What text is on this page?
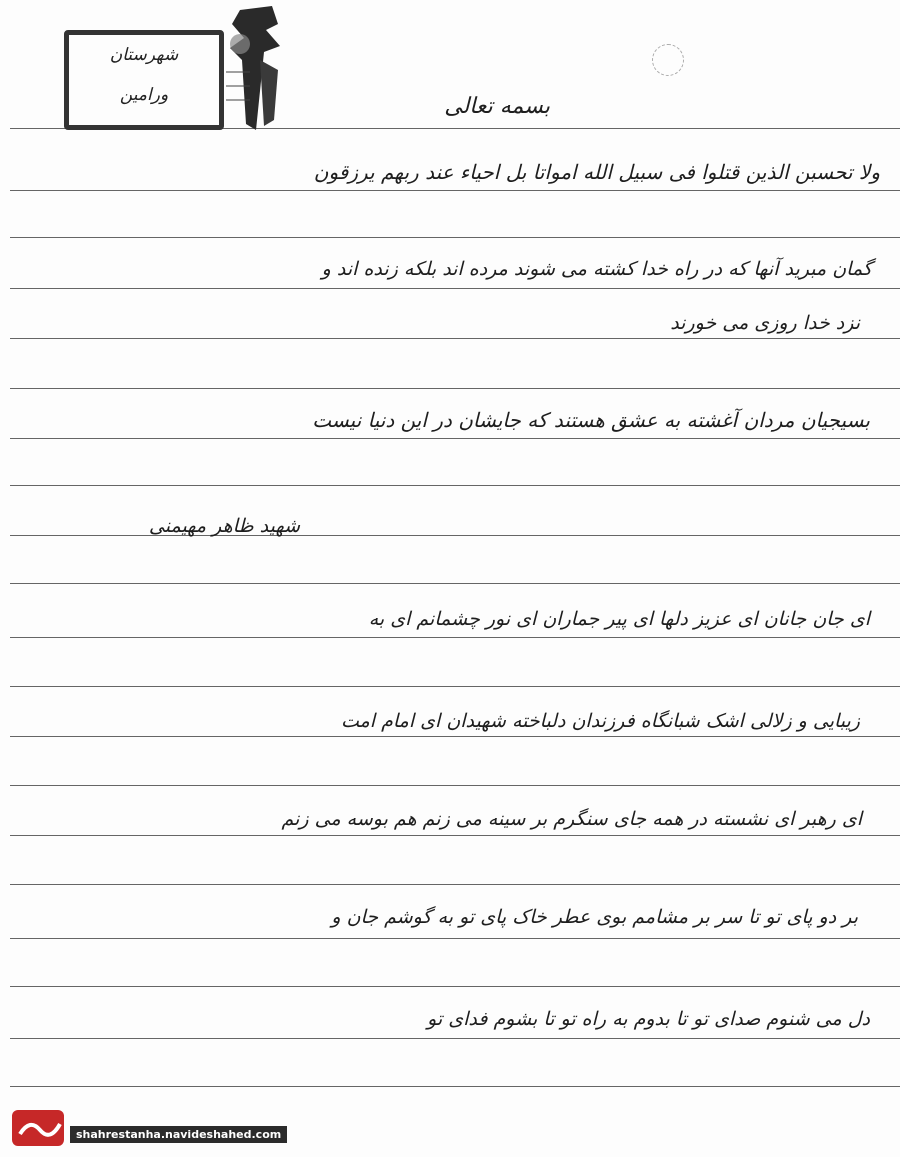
شهرستان
ورامین	بسمه تعالی
ولا تحسبن الذین قتلوا فی سبیل الله امواتا بل احیاء عند ربهم یرزقون
گمان مبرید آنها که در راه خدا کشته می شوند مرده اند بلکه زنده اند و
نزد خدا روزی می خورند
بسیجیان مردان آغشته به عشق هستند که جایشان در این دنیا نیست
شهید ظاهر مهیمنی
ای جان جانان ای عزیز دلها ای پیر جماران ای نور چشمانم ای به
زیبایی و زلالی اشک شبانگاه فرزندان دلباخته شهیدان ای امام امت
ای رهبر ای نشسته در همه جای سنگرم بر سینه می زنم هم بوسه می زنم
بر دو پای تو تا سر بر مشامم بوی عطر خاک پای تو به گوشم جان و
دل می شنوم صدای تو تا بدوم به راه تو تا بشوم فدای تو
shahrestanha.navideshahed.com
